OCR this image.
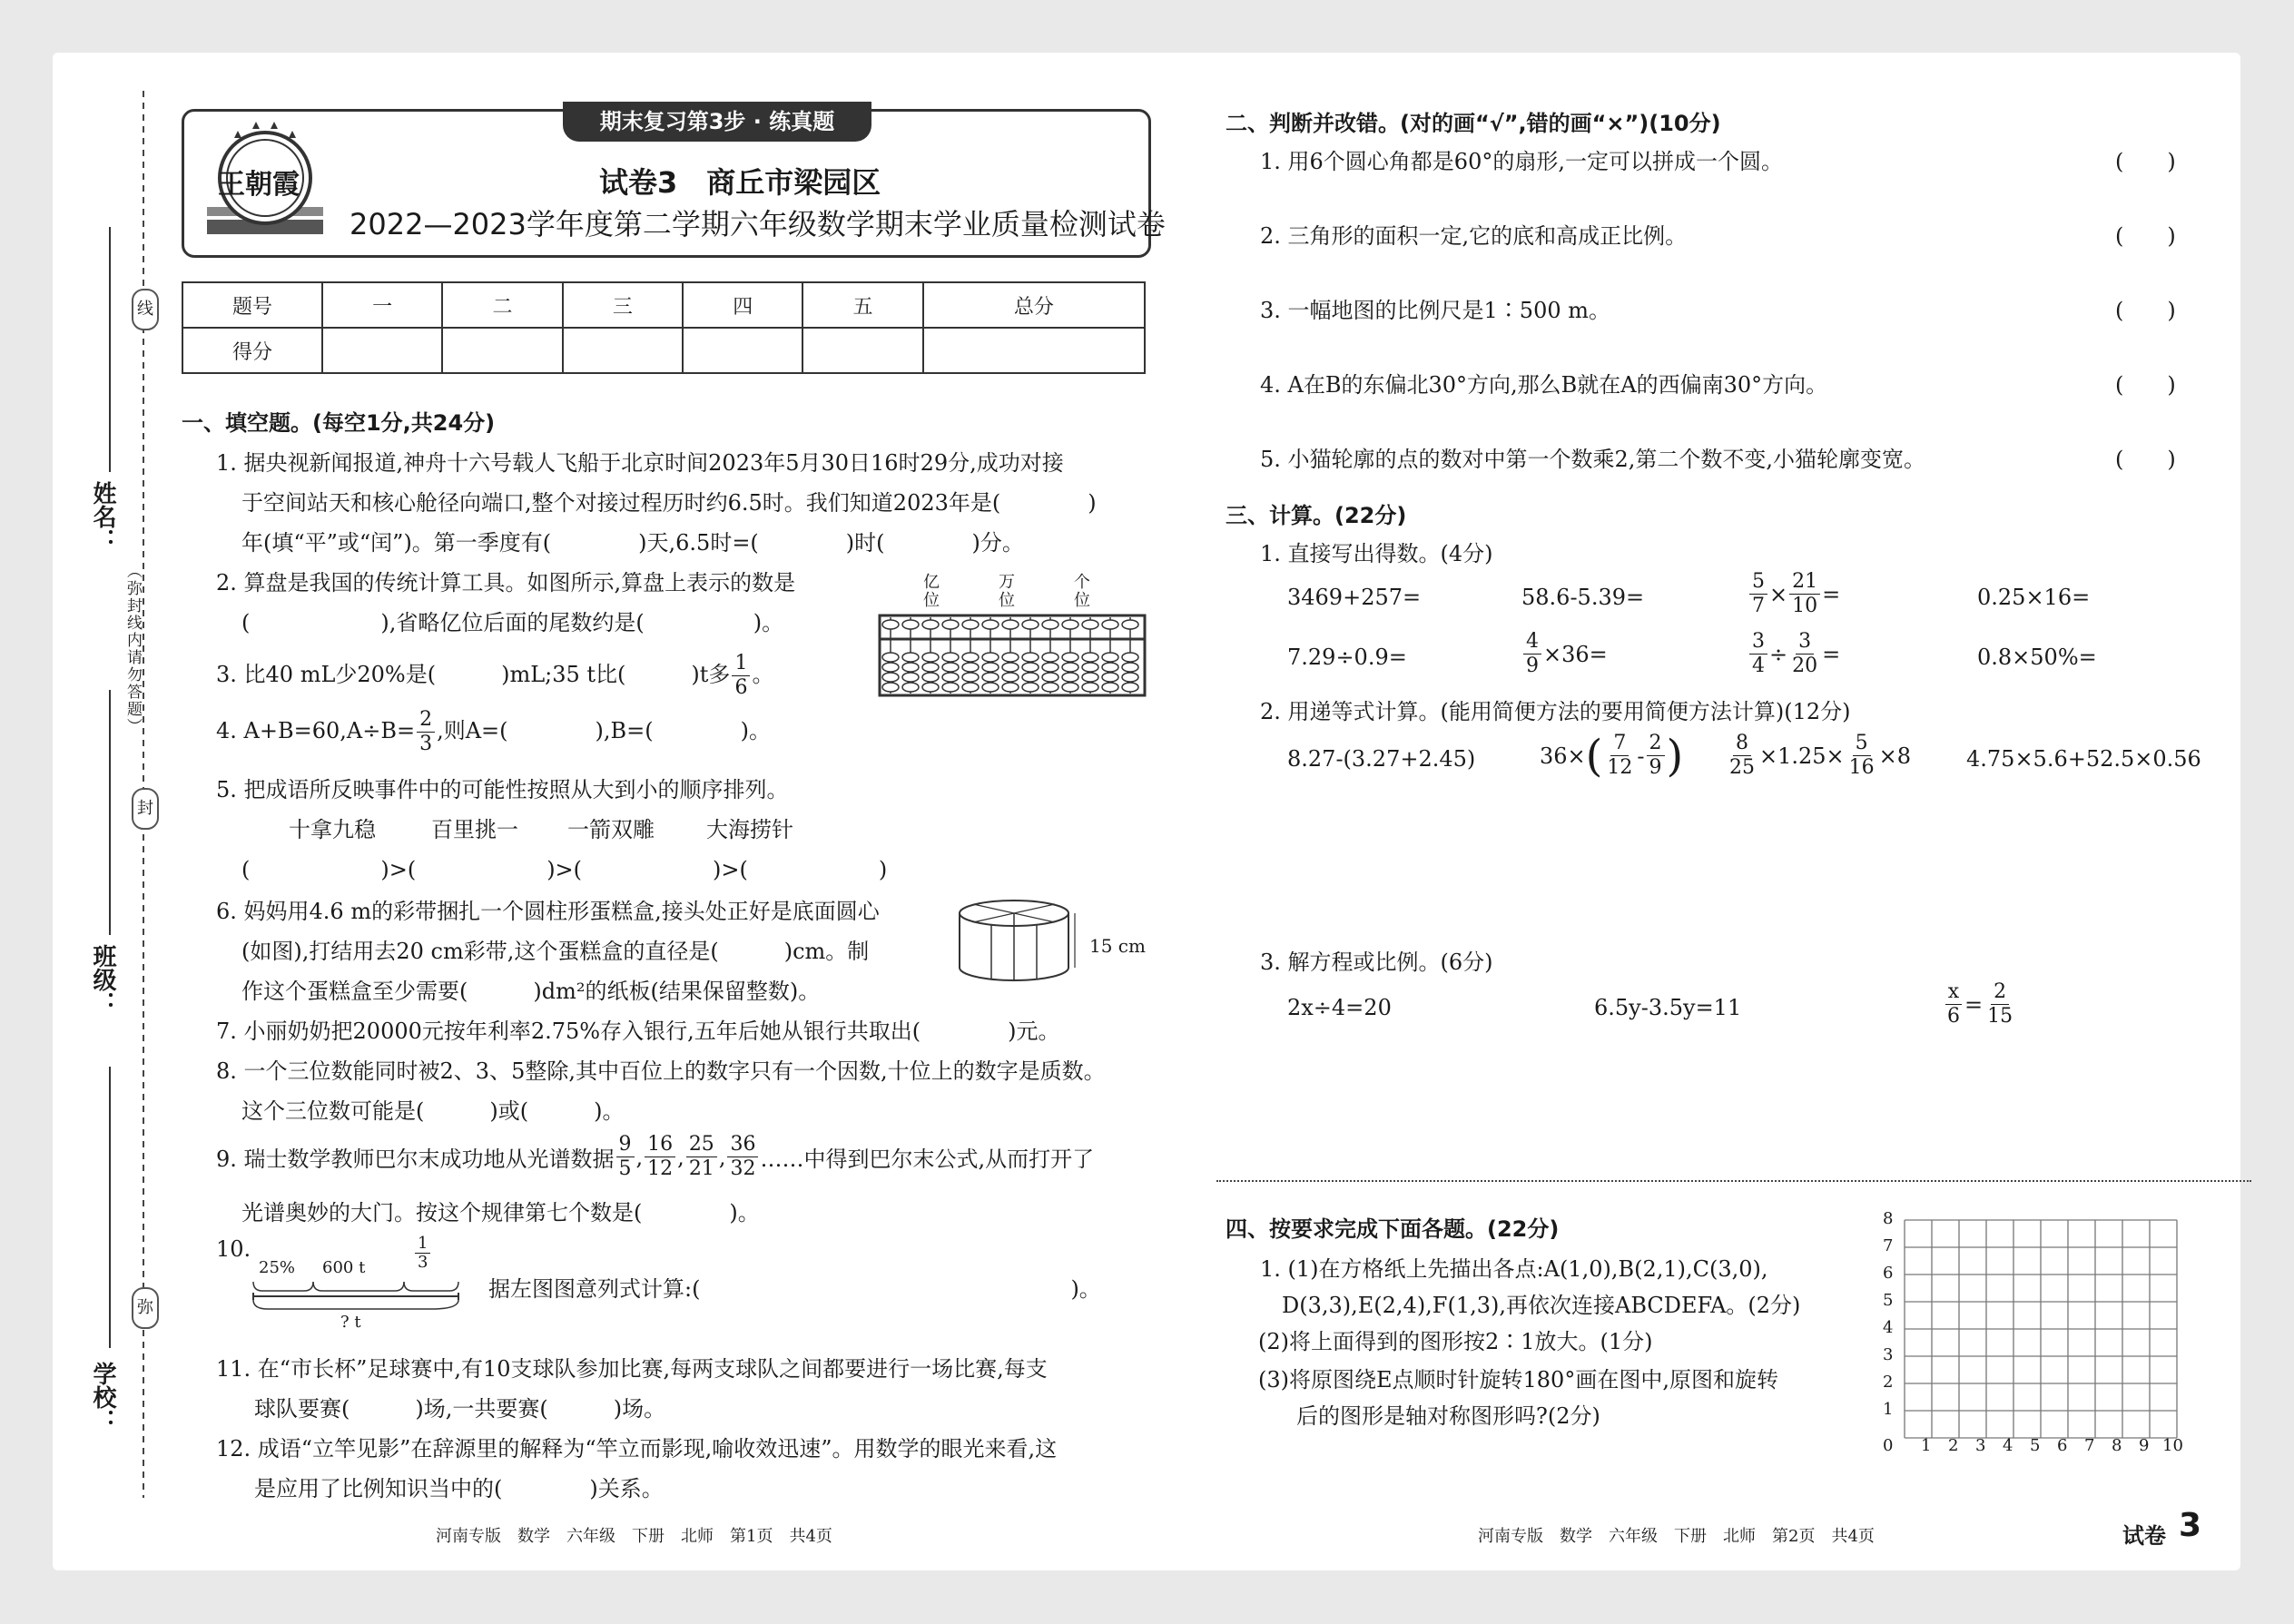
线
封
弥
（弥封线内请勿答题）
姓名：
班级：
学校：
期末复习第3步 · 练真题
王朝霞	试卷3　商丘市梁园区
2022—2023学年度第二学期六年级数学期末学业质量检测试卷
题号	一	二	三	四	五	总分
得分						
一、填空题。(每空1分,共24分)
1. 据央视新闻报道,神舟十六号载人飞船于北京时间2023年5月30日16时29分,成功对接
于空间站天和核心舱径向端口,整个对接过程历时约6.5时。我们知道2023年是(　　　　)
年(填“平”或“闰”)。第一季度有(　　　　)天,6.5时=(　　　　)时(　　　　)分。
2. 算盘是我国的传统计算工具。如图所示,算盘上表示的数是
(　　　　　　),省略亿位后面的尾数约是(　　　　　)。
亿
位
万
位
个
位
3. 比40 mL少20%是(　　　)mL;35 t比(　　　)t多 $\frac{1}{6}$ 。
4. $A+B=60,A\div B= \frac{2}{3}$ ,则A=(　　　　),B=(　　　　)。
5. 把成语所反映事件中的可能性按照从大到小的顺序排列。
十拿九稳	百里挑一 一箭双雕 大海捞针
(　　　　　　)>(　　　　　　)>(　　　　　　)>(　　　　　　)
6. 妈妈用4.6 m的彩带捆扎一个圆柱形蛋糕盒,接头处正好是底面圆心
(如图),打结用去20 cm彩带,这个蛋糕盒的直径是(　　　)cm。制
作这个蛋糕盒至少需要(　　　)dm²的纸板(结果保留整数)。
15 cm
7. 小丽奶奶把20000元按年利率2.75%存入银行,五年后她从银行共取出(　　　　)元。
8. 一个三位数能同时被2、3、5整除,其中百位上的数字只有一个因数,十位上的数字是质数。
这个三位数可能是(　　　)或(　　　)。
9. 瑞士数学教师巴尔末成功地从光谱数据 $\frac{9}{5}$ , $\frac{16}{12}$ , $\frac{25}{21}$ , $\frac{36}{32}$ ……中得到巴尔末公式,从而打开了
光谱奥妙的大门。按这个规律第七个数是(　　　　)。
10.
25% 600 t	$\frac{1}{3}$
? t
据左图图意列式计算:(　　　　　　　　　　　　　　　　　)。
11. 在“市长杯”足球赛中,有10支球队参加比赛,每两支球队之间都要进行一场比赛,每支
球队要赛(　　　)场,一共要赛(　　　)场。
12. 成语“立竿见影”在辞源里的解释为“竿立而影现,喻收效迅速”。用数学的眼光来看,这
是应用了比例知识当中的(　　　　)关系。
河南专版　数学　六年级　下册　北师　第1页　共4页
二、判断并改错。(对的画“√”,错的画“×”)(10分)
1. 用6个圆心角都是60°的扇形,一定可以拼成一个圆。	(　　)
2. 三角形的面积一定,它的底和高成正比例。	(　　)
3. 一幅地图的比例尺是1∶500 m。	(　　)
4. A在B的东偏北30°方向,那么B就在A的西偏南30°方向。	(　　)
5. 小猫轮廓的点的数对中第一个数乘2,第二个数不变,小猫轮廓变宽。	(　　)
三、计算。(22分)
1. 直接写出得数。(4分)
3469+257=	58.6-5.39=	$\frac{5}{7} \times \frac{21}{10}$ =	0.25×16=
7.29÷0.9=	$\frac{4}{9} \times 36=$	$\frac{3}{4} \div \frac{3}{20}$ =	0.8×50%=
2. 用递等式计算。(能用简便方法的要用简便方法计算)(12分)
8.27-(3.27+2.45)	36× ( $\frac{7}{12} - \frac{2}{9}$ ) $\frac{8}{25} \times 1.25\times \frac{5}{16} \times 8$	4.75×5.6+52.5×0.56
3. 解方程或比例。(6分)
2x÷4=20	6.5y-3.5y=11	$\frac{x}{6} = \frac{2}{15}$
四、按要求完成下面各题。(22分)
1. (1)在方格纸上先描出各点:A(1,0),B(2,1),C(3,0),
D(3,3),E(2,4),F(1,3),再依次连接ABCDEFA。(2分)
(2)将上面得到的图形按2∶1放大。(1分)
(3)将原图绕E点顺时针旋转180°画在图中,原图和旋转
后的图形是轴对称图形吗?(2分)
8
7
6
5
4
3
2
1
0 1 2 3 4 5 6 7 8 9 10
河南专版　数学　六年级　下册　北师　第2页　共4页	试卷 3
